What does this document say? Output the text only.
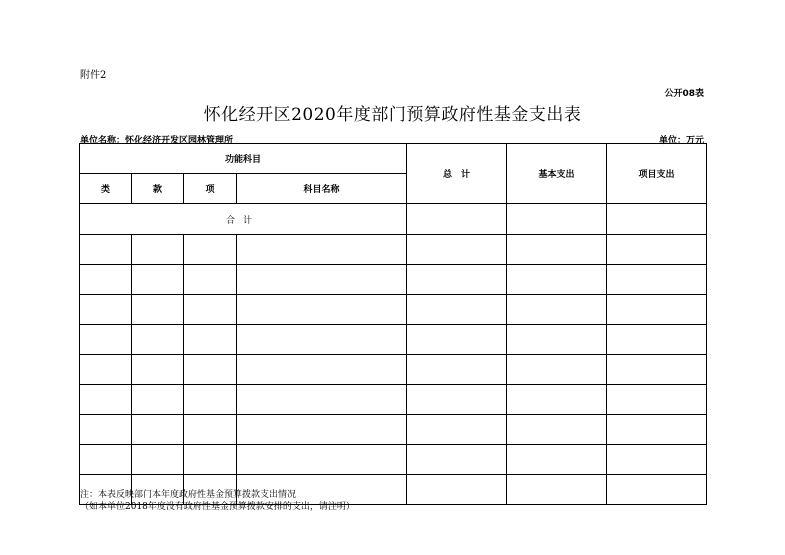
附件2
公开08表
怀化经开区2020年度部门预算政府性基金支出表
单位名称：怀化经济开发区园林管理所	单位：万元
功能科目				总　计	基本支出	项目支出
类	款	项	科目名称			
合计						

注：本表反映部门本年度政府性基金预算拨款支出情况
（如本单位2018年度没有政府性基金预算拨款安排的支出，请注明）
